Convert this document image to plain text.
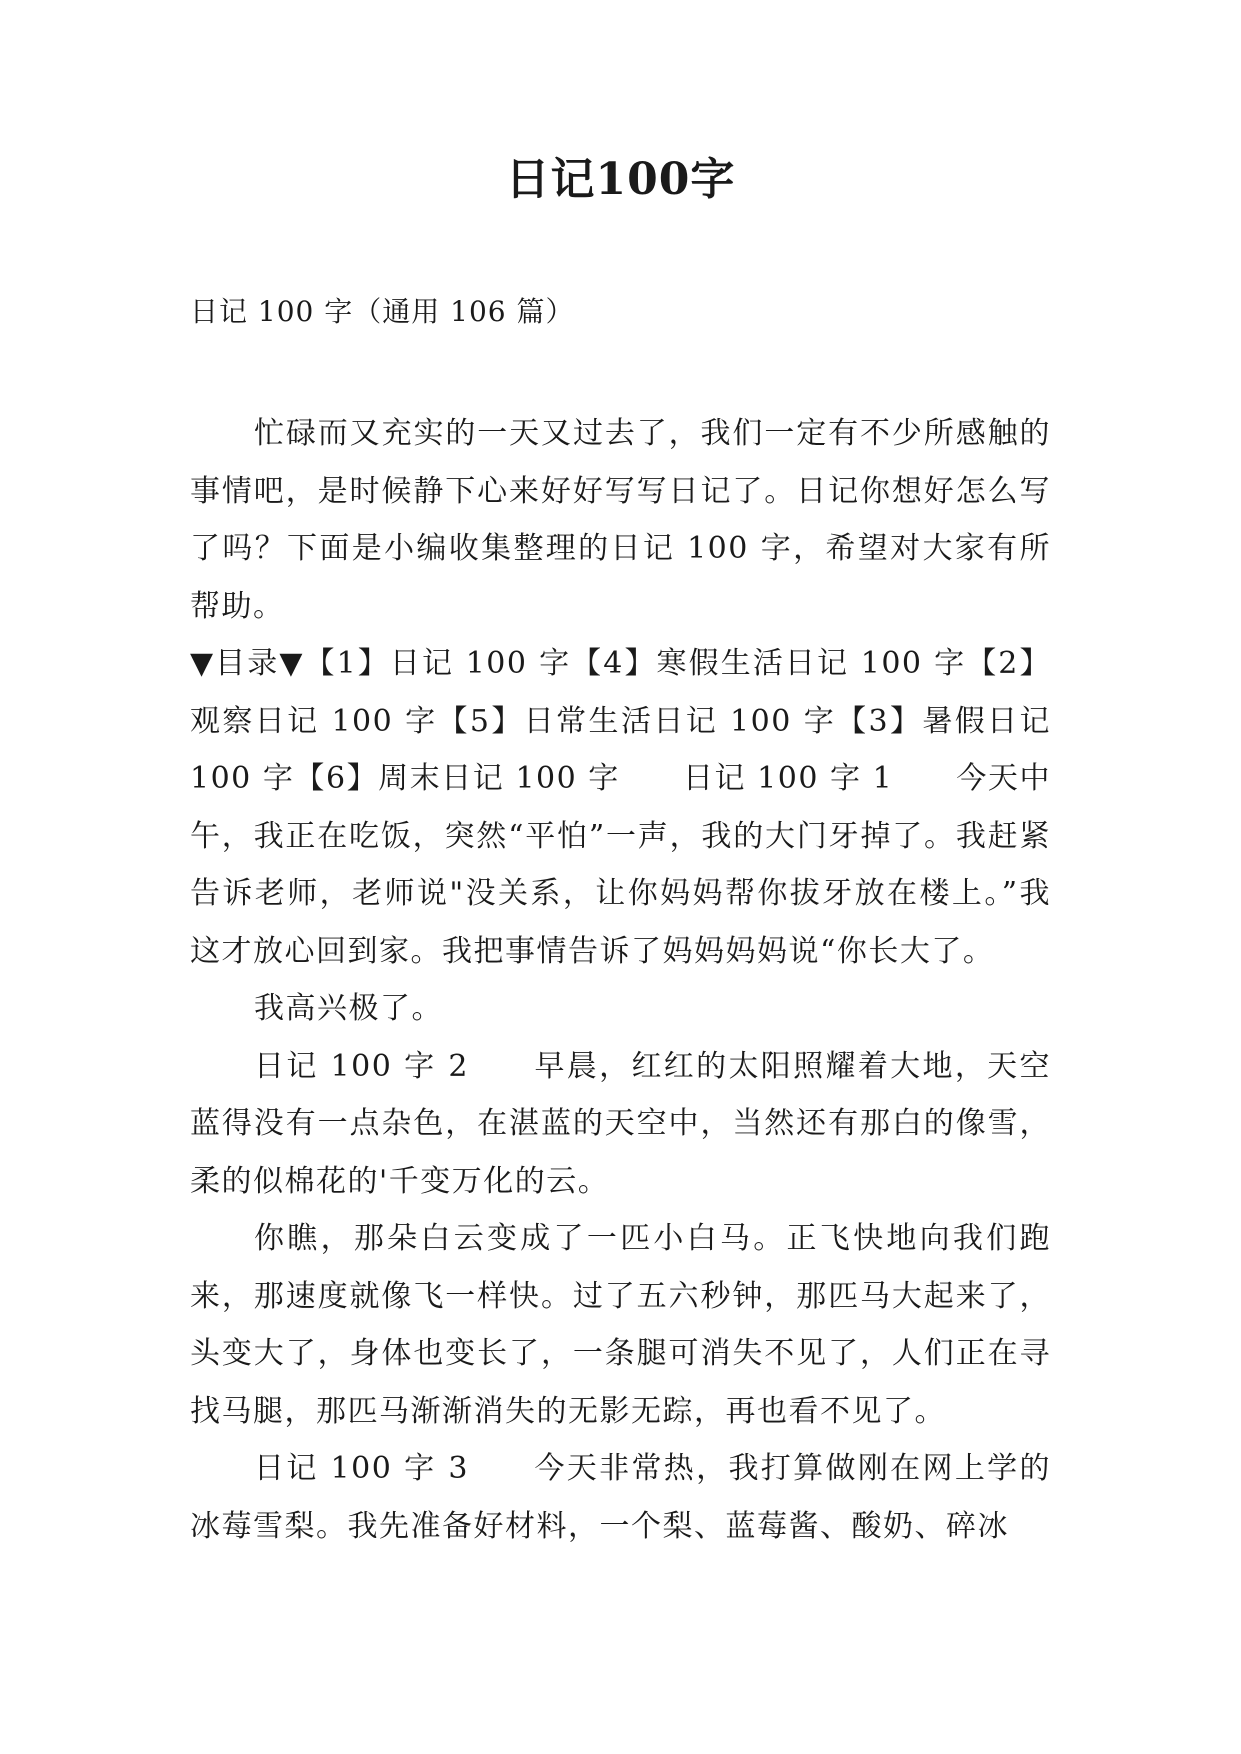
日记100字
日记 100 字（通用 106 篇）

忙碌而又充实的一天又过去了，我们一定有不少所感触的事情吧，是时候静下心来好好写写日记了。日记你想好怎么写了吗？下面是小编收集整理的日记 100 字，希望对大家有所帮助。

▼目录▼【1】日记 100 字【4】寒假生活日记 100 字【2】观察日记 100 字【5】日常生活日记 100 字【3】暑假日记 100 字【6】周末日记 100 字　　日记 100 字 1　　今天中午，我正在吃饭，突然“平怕”一声，我的大门牙掉了。我赶紧告诉老师，老师说"没关系，让你妈妈帮你拔牙放在楼上。”我这才放心回到家。我把事情告诉了妈妈妈妈说“你长大了。

我高兴极了。

日记 100 字 2　　早晨，红红的太阳照耀着大地，天空蓝得没有一点杂色，在湛蓝的天空中，当然还有那白的像雪，柔的似棉花的'千变万化的云。

你瞧，那朵白云变成了一匹小白马。正飞快地向我们跑来，那速度就像飞一样快。过了五六秒钟，那匹马大起来了，头变大了，身体也变长了，一条腿可消失不见了，人们正在寻找马腿，那匹马渐渐消失的无影无踪，再也看不见了。

日记 100 字 3　　今天非常热，我打算做刚在网上学的冰莓雪梨。我先准备好材料，一个梨、蓝莓酱、酸奶、碎冰
